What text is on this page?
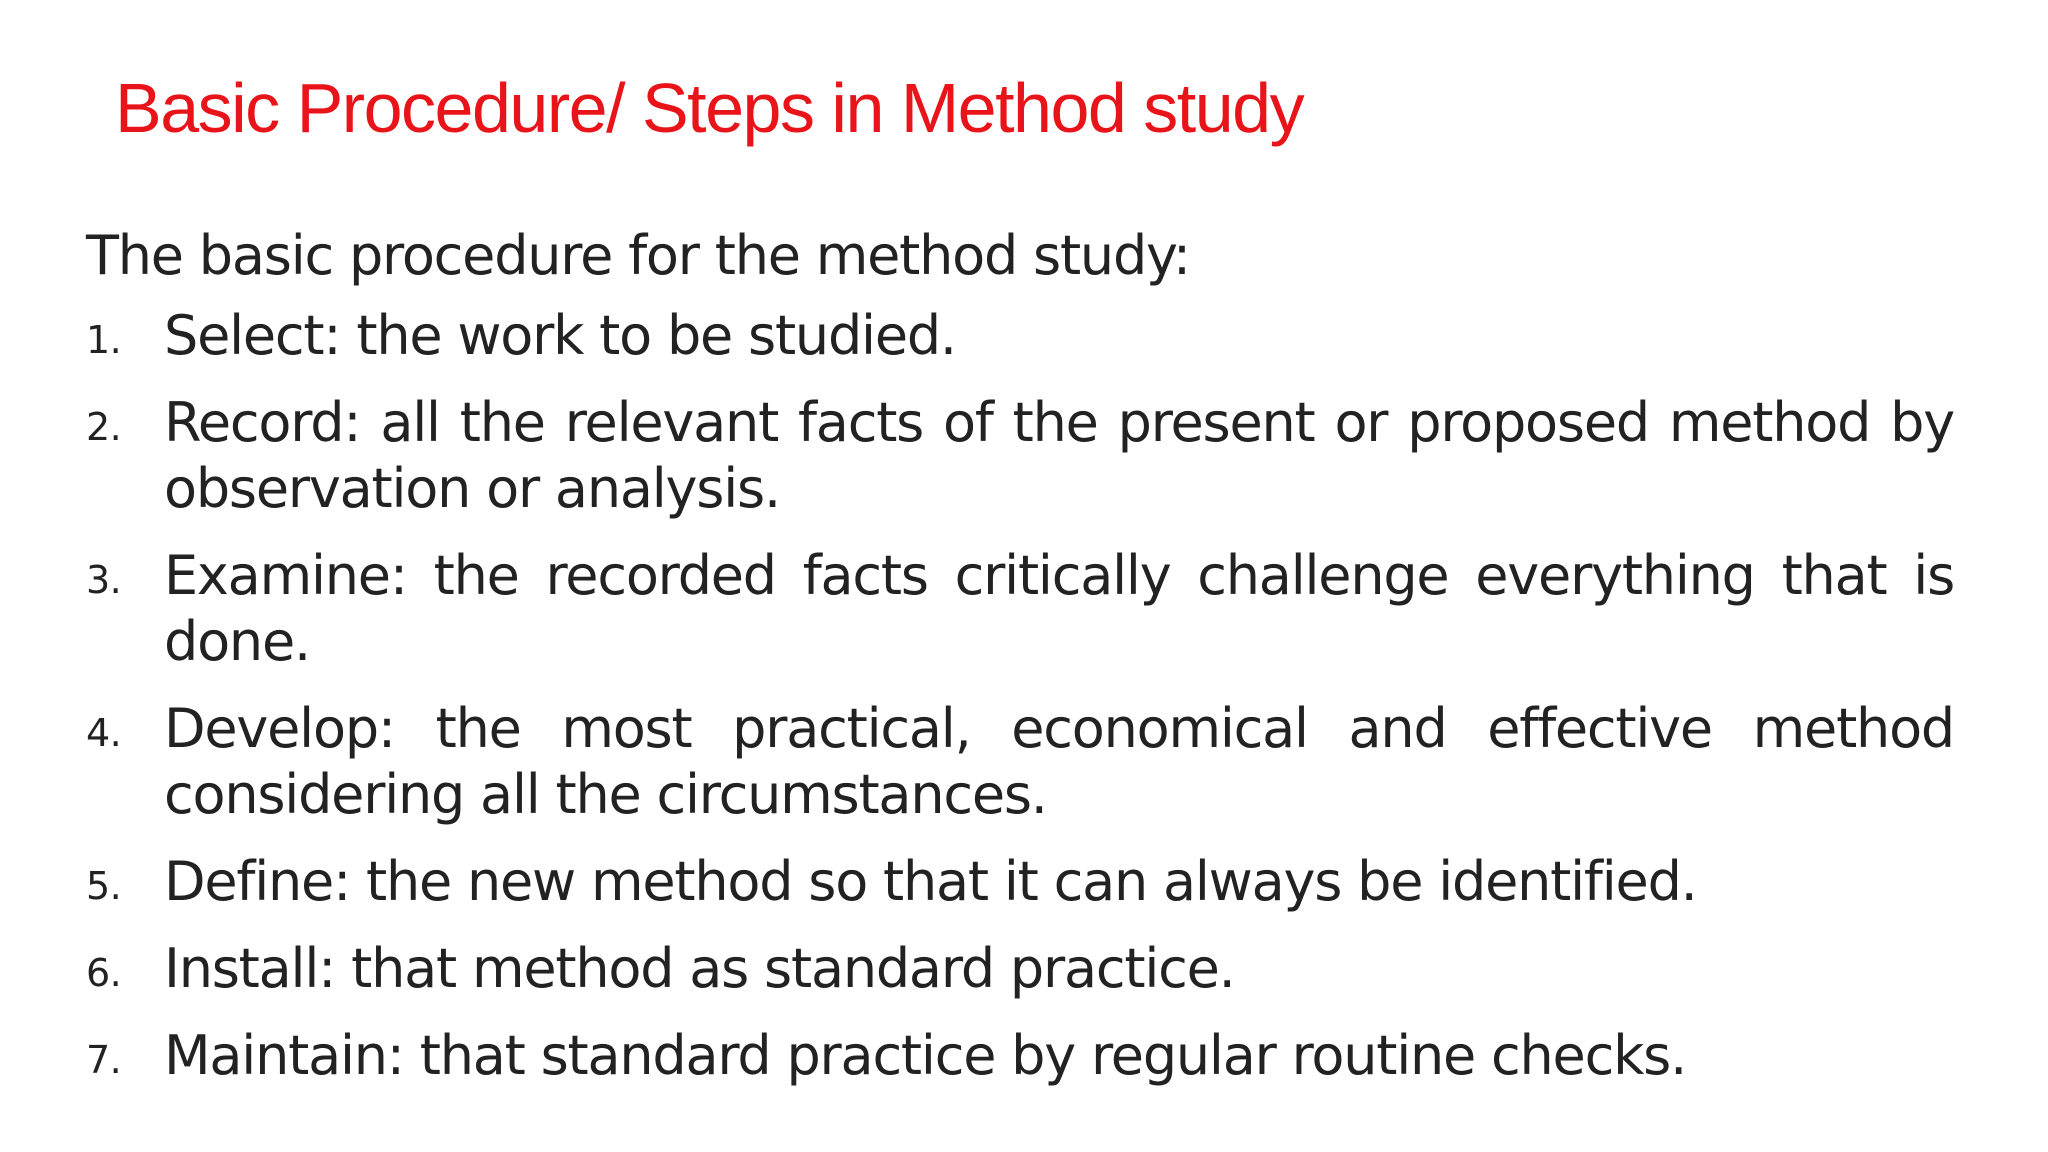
Basic Procedure/ Steps in Method study

The basic procedure for the method study:

1. Select: the work to be studied.
2. Record: all the relevant facts of the present or proposed method by observation or analysis.
3. Examine: the recorded facts critically challenge everything that is done.
4. Develop: the most practical, economical and effective method considering all the circumstances.
5. Define: the new method so that it can always be identified.
6. Install: that method as standard practice.
7. Maintain: that standard practice by regular routine checks.
